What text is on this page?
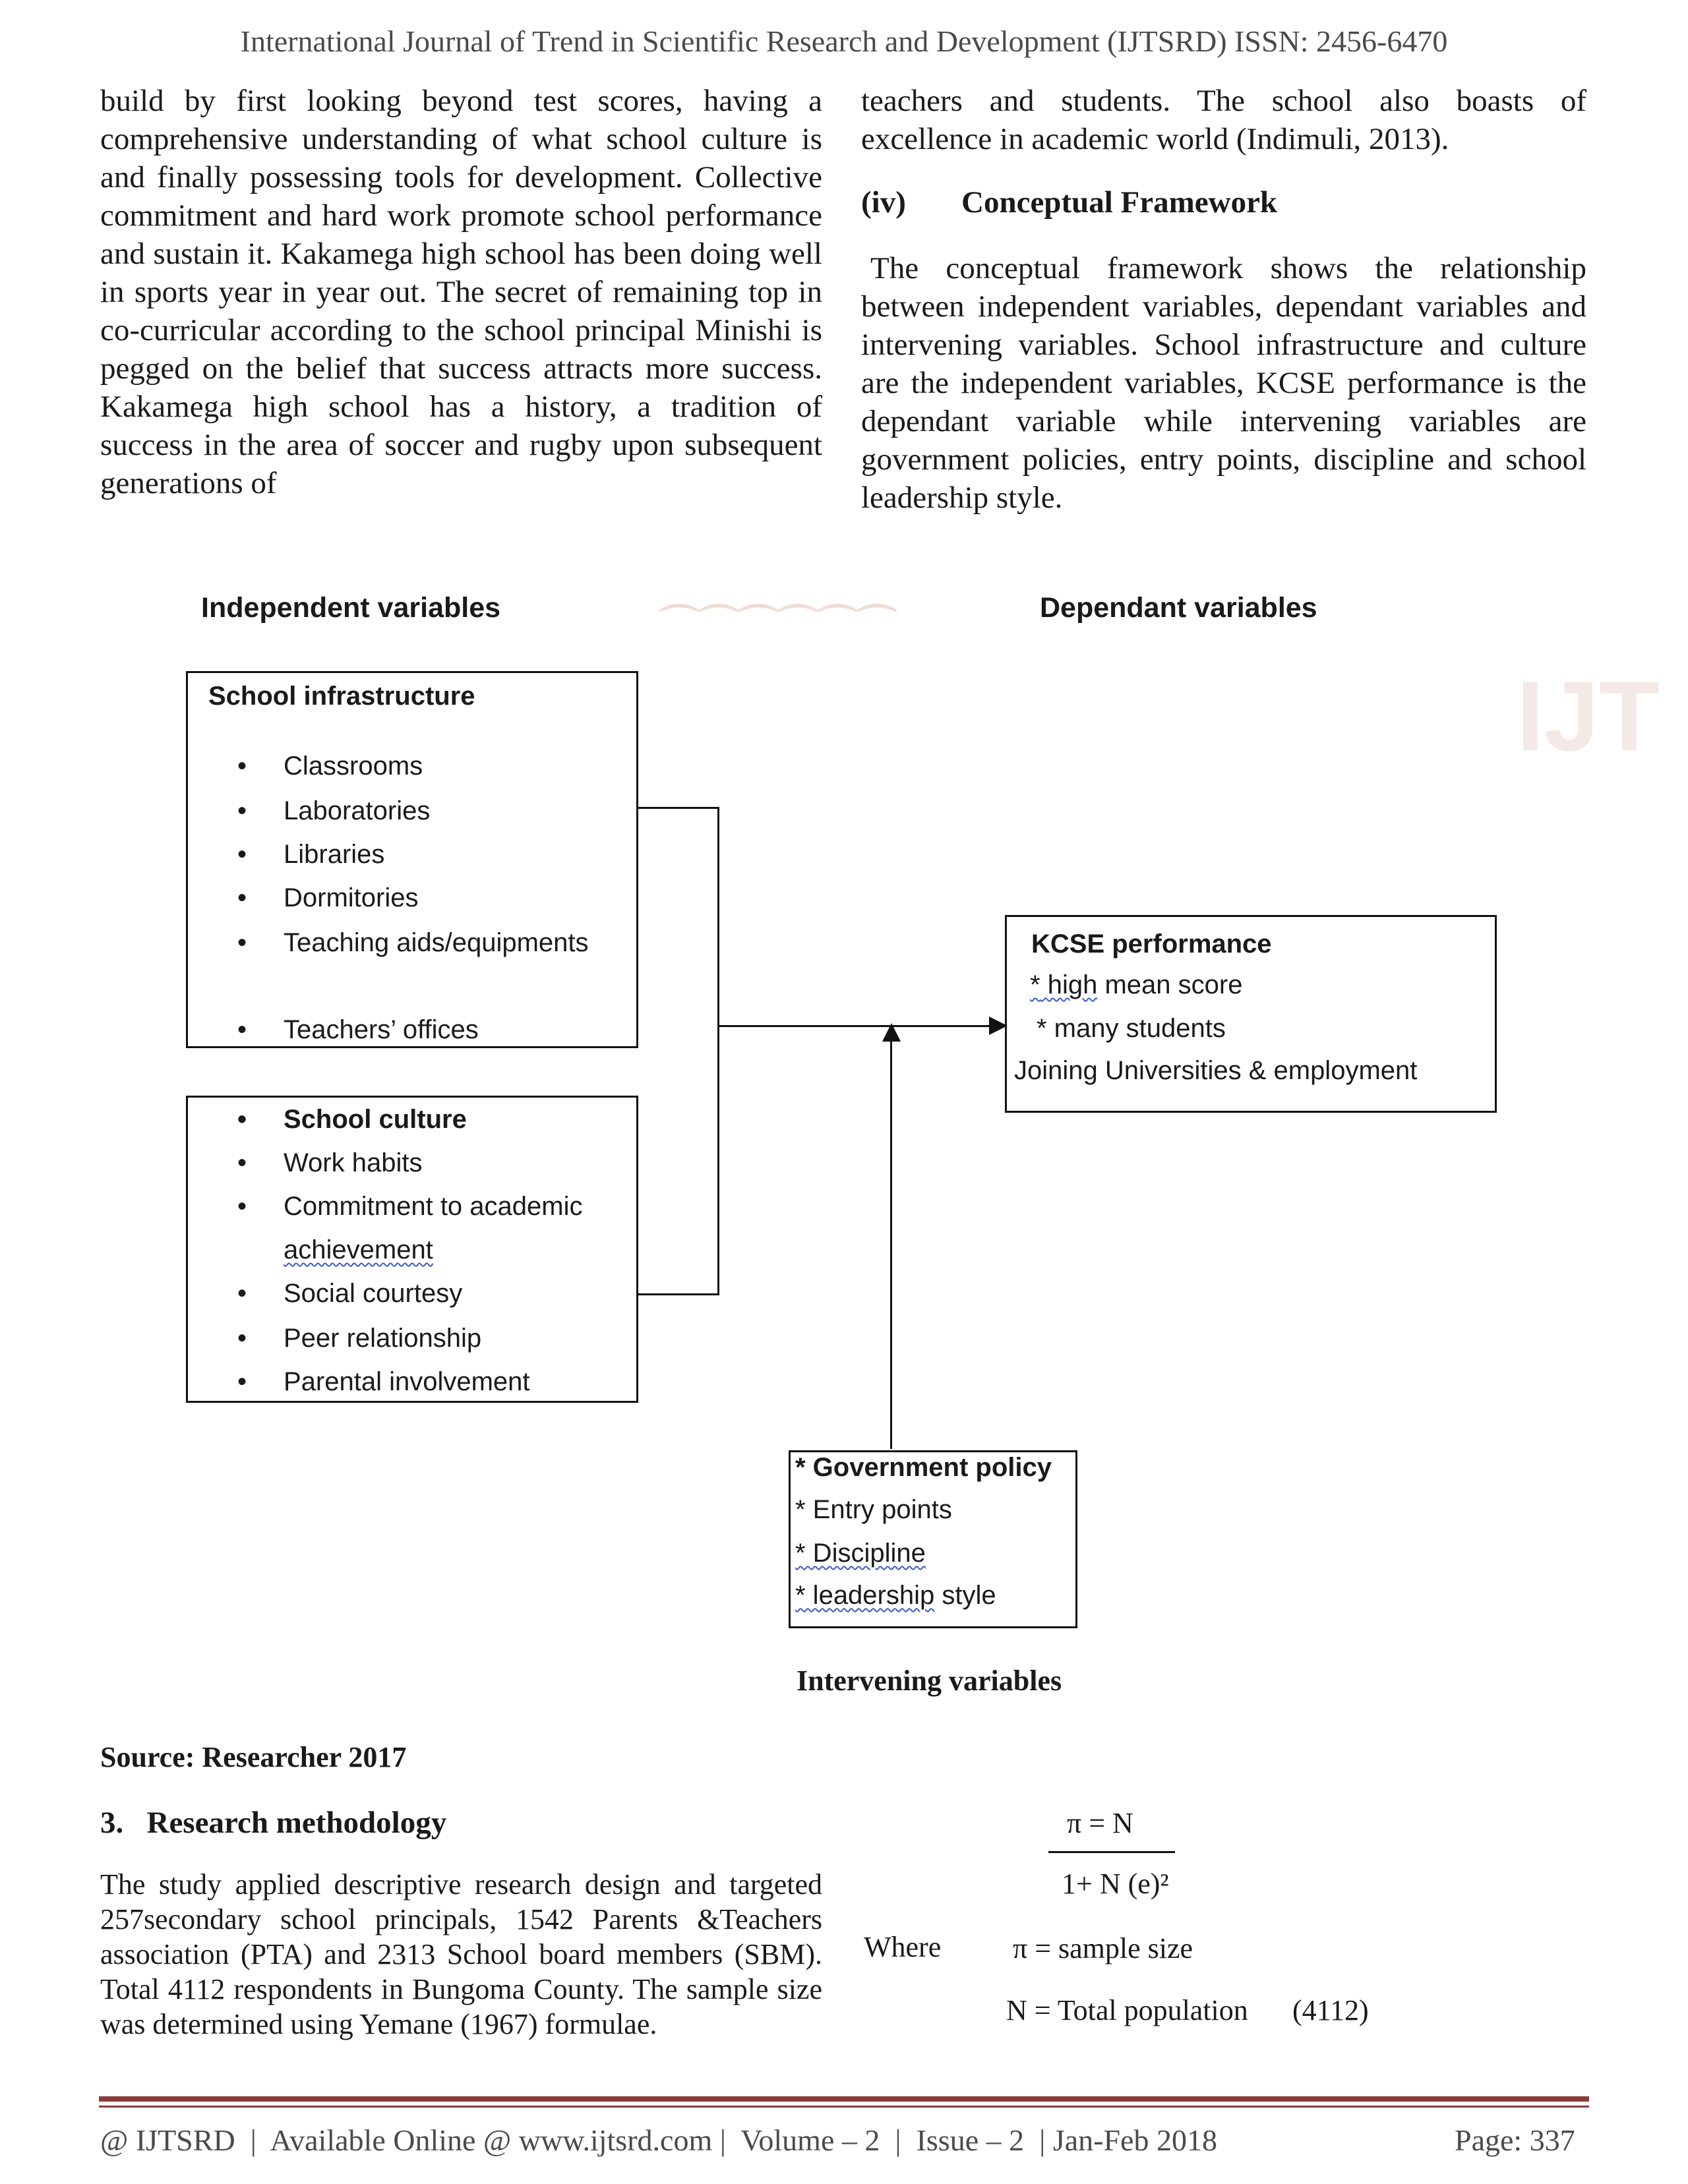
IJT
⌒⌒⌒⌒⌒⌒
International Journal of Trend in Scientific Research and Development (IJTSRD) ISSN: 2456-6470

build by first looking beyond test scores, having a comprehensive understanding of what school culture is and finally possessing tools for development. Collective commitment and hard work promote school performance and sustain it. Kakamega high school has been doing well in sports year in year out. The secret of remaining top in co-curricular according to the school principal Minishi is pegged on the belief that success attracts more success. Kakamega high school has a history, a tradition of success in the area of soccer and rugby upon subsequent generations of

teachers and students. The school also boasts of excellence in academic world (Indimuli, 2013).

(iv) Conceptual Framework

The conceptual framework shows the relationship between independent variables, dependant variables and intervening variables. School infrastructure and culture are the independent variables, KCSE performance is the dependant variable while intervening variables are government policies, entry points, discipline and school leadership style.

Independent variables	Dependant variables
School infrastructure
• Classrooms
• Laboratories
• Libraries
• Dormitories
• Teaching aids/equipments
• Teachers’ offices
• School culture
• Work habits
• Commitment to academic
achievement
• Social courtesy
• Peer relationship
• Parental involvement
KCSE performance
* high mean score
* many students
Joining Universities & employment
* Government policy
* Entry points
* Discipline
* leadership style
Intervening variables
Source: Researcher 2017
3.   Research methodology

The study applied descriptive research design and targeted 257secondary school principals, 1542 Parents &Teachers association (PTA) and 2313 School board members (SBM). Total 4112 respondents in Bungoma County. The sample size was determined using Yemane (1967) formulae.

π = N
1+ N (e)²
Where π = sample size
N = Total population (4112)
@ IJTSRD  |  Available Online @ www.ijtsrd.com |  Volume – 2  |  Issue – 2  | Jan-Feb 2018	Page: 337
